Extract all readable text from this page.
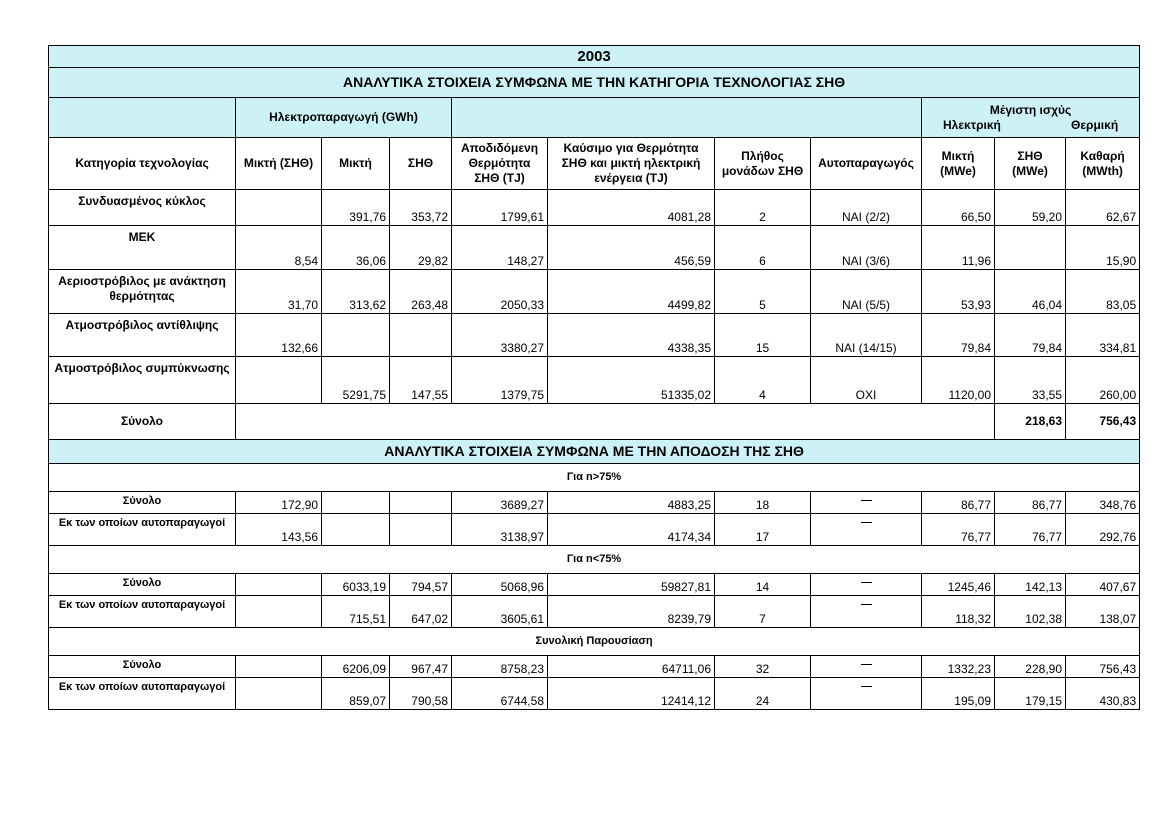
2003										
ΑΝΑΛΥΤΙΚΑ ΣΤΟΙΧΕΙΑ ΣΥΜΦΩΝΑ ΜΕ ΤΗΝ ΚΑΤΗΓΟΡΙΑ ΤΕΧΝΟΛΟΓΙΑΣ ΣΗΘ										
	Ηλεκτροπαραγωγή (GWh)							Μέγιστη ισχύς
Ηλεκτρική Θερμική		

Κατηγορία τεχνολογίας	Μικτή (ΣΗΘ)	Μικτή	ΣΗΘ	Αποδιδόμενη Θερμότητα ΣΗΘ (TJ)	Καύσιμο για Θερμότητα ΣΗΘ και μικτή ηλεκτρική ενέργεια (TJ)	Πλήθος μονάδων ΣΗΘ	Αυτοπαραγωγός	Μικτή (MWe)	ΣΗΘ (MWe)	Καθαρή (MWth)
Συνδυασμένος κύκλος		391,76	353,72	1799,61	4081,28	2	ΝΑΙ (2/2)	66,50	59,20	62,67
ΜΕΚ	8,54	36,06	29,82	148,27	456,59	6	ΝΑΙ (3/6)	11,96		15,90
Αεριοστρόβιλος με ανάκτηση θερμότητας	31,70	313,62	263,48	2050,33	4499,82	5	ΝΑΙ (5/5)	53,93	46,04	83,05
Ατμοστρόβιλος αντίθλιψης	132,66			3380,27	4338,35	15	ΝΑΙ (14/15)	79,84	79,84	334,81
Ατμοστρόβιλος συμπύκνωσης		5291,75	147,55	1379,75	51335,02	4	ΟΧΙ	1120,00	33,55	260,00
Σύνολο									218,63	756,43
ΑΝΑΛΥΤΙΚΑ ΣΤΟΙΧΕΙΑ ΣΥΜΦΩΝΑ ΜΕ ΤΗΝ ΑΠΟΔΟΣΗ ΤΗΣ ΣΗΘ										
Για n>75%										
Σύνολο	172,90			3689,27	4883,25	18		86,77	86,77	348,76
Εκ των οποίων αυτοπαραγωγοί	143,56			3138,97	4174,34	17		76,77	76,77	292,76
Για n<75%										
Σύνολο		6033,19	794,57	5068,96	59827,81	14		1245,46	142,13	407,67
Εκ των οποίων αυτοπαραγωγοί		715,51	647,02	3605,61	8239,79	7		118,32	102,38	138,07
Συνολική Παρουσίαση										
Σύνολο		6206,09	967,47	8758,23	64711,06	32		1332,23	228,90	756,43
Εκ των οποίων αυτοπαραγωγοί		859,07	790,58	6744,58	12414,12	24		195,09	179,15	430,83
